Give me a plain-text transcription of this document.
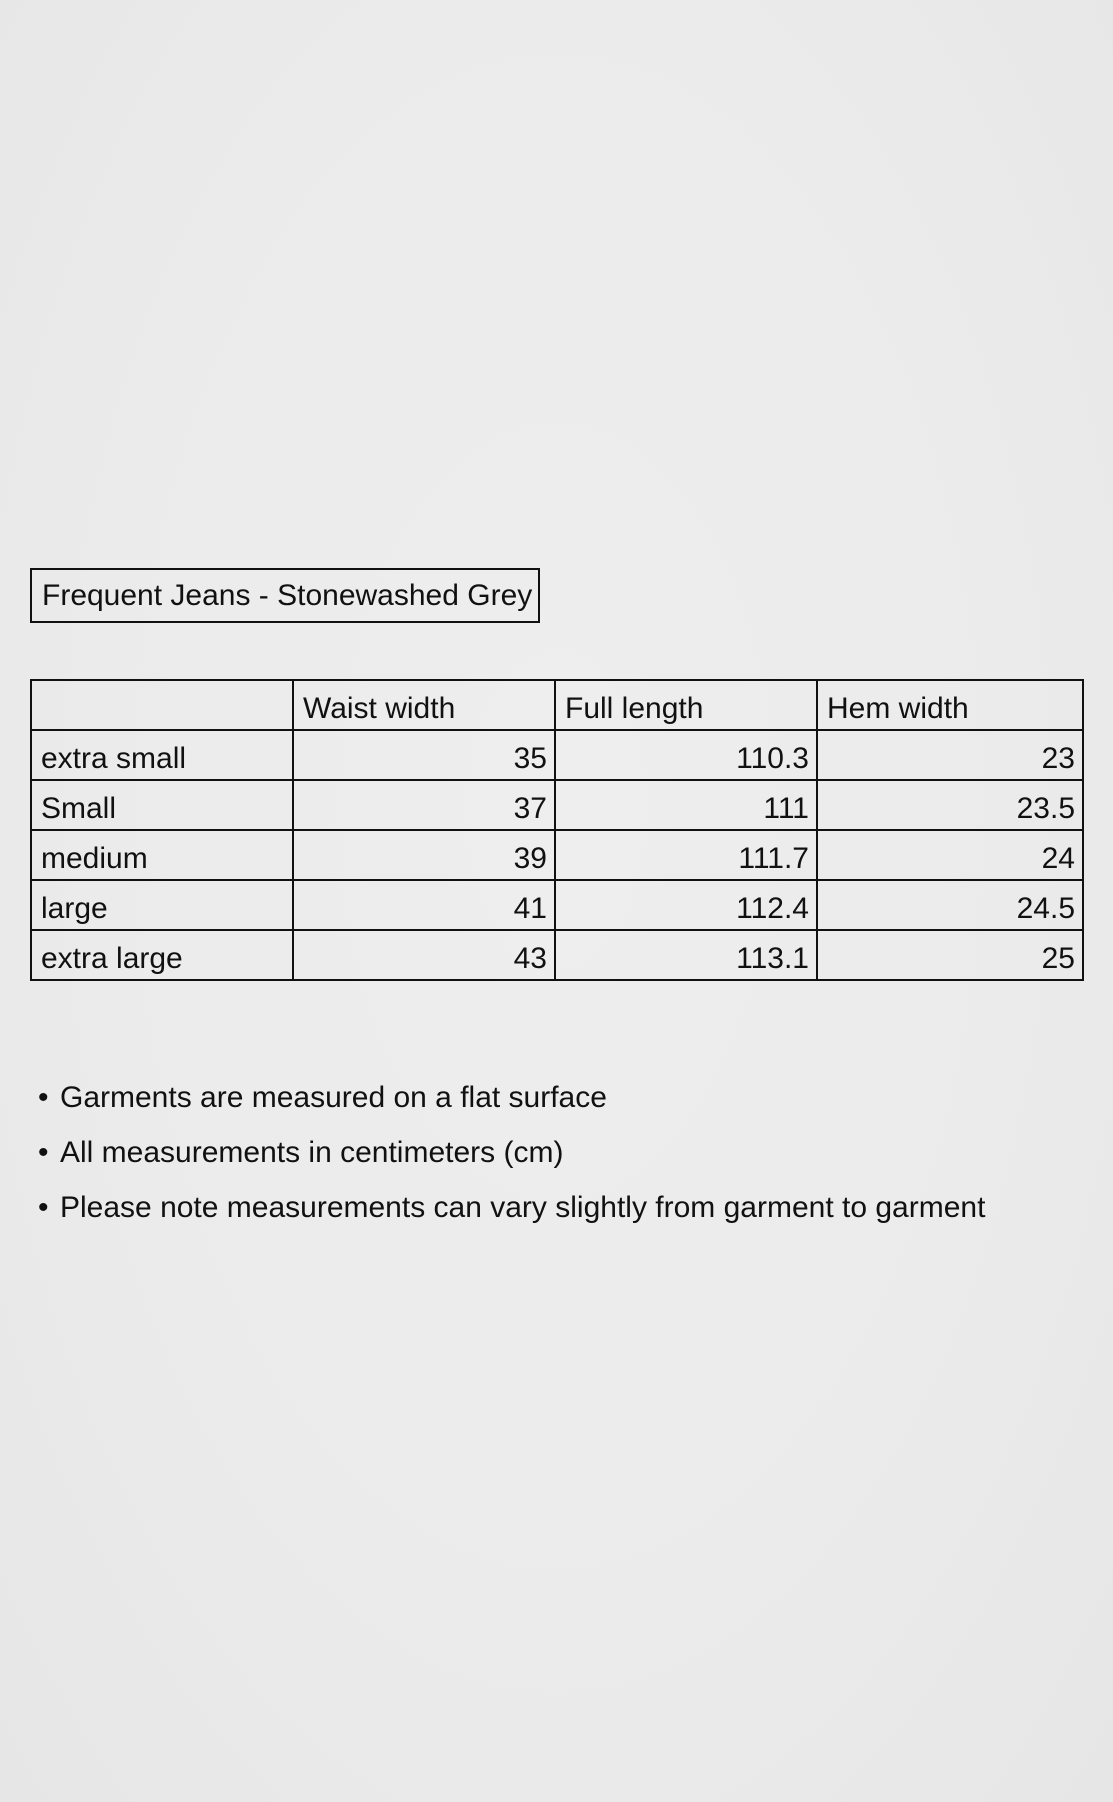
Frequent Jeans - Stonewashed Grey
	Waist width	Full length	Hem width
extra small	35	110.3	23
Small	37	111	23.5
medium	39	111.7	24
large	41	112.4	24.5
extra large	43	113.1	25
• Garments are measured on a flat surface
• All measurements in centimeters (cm)
• Please note measurements can vary slightly from garment to garment
